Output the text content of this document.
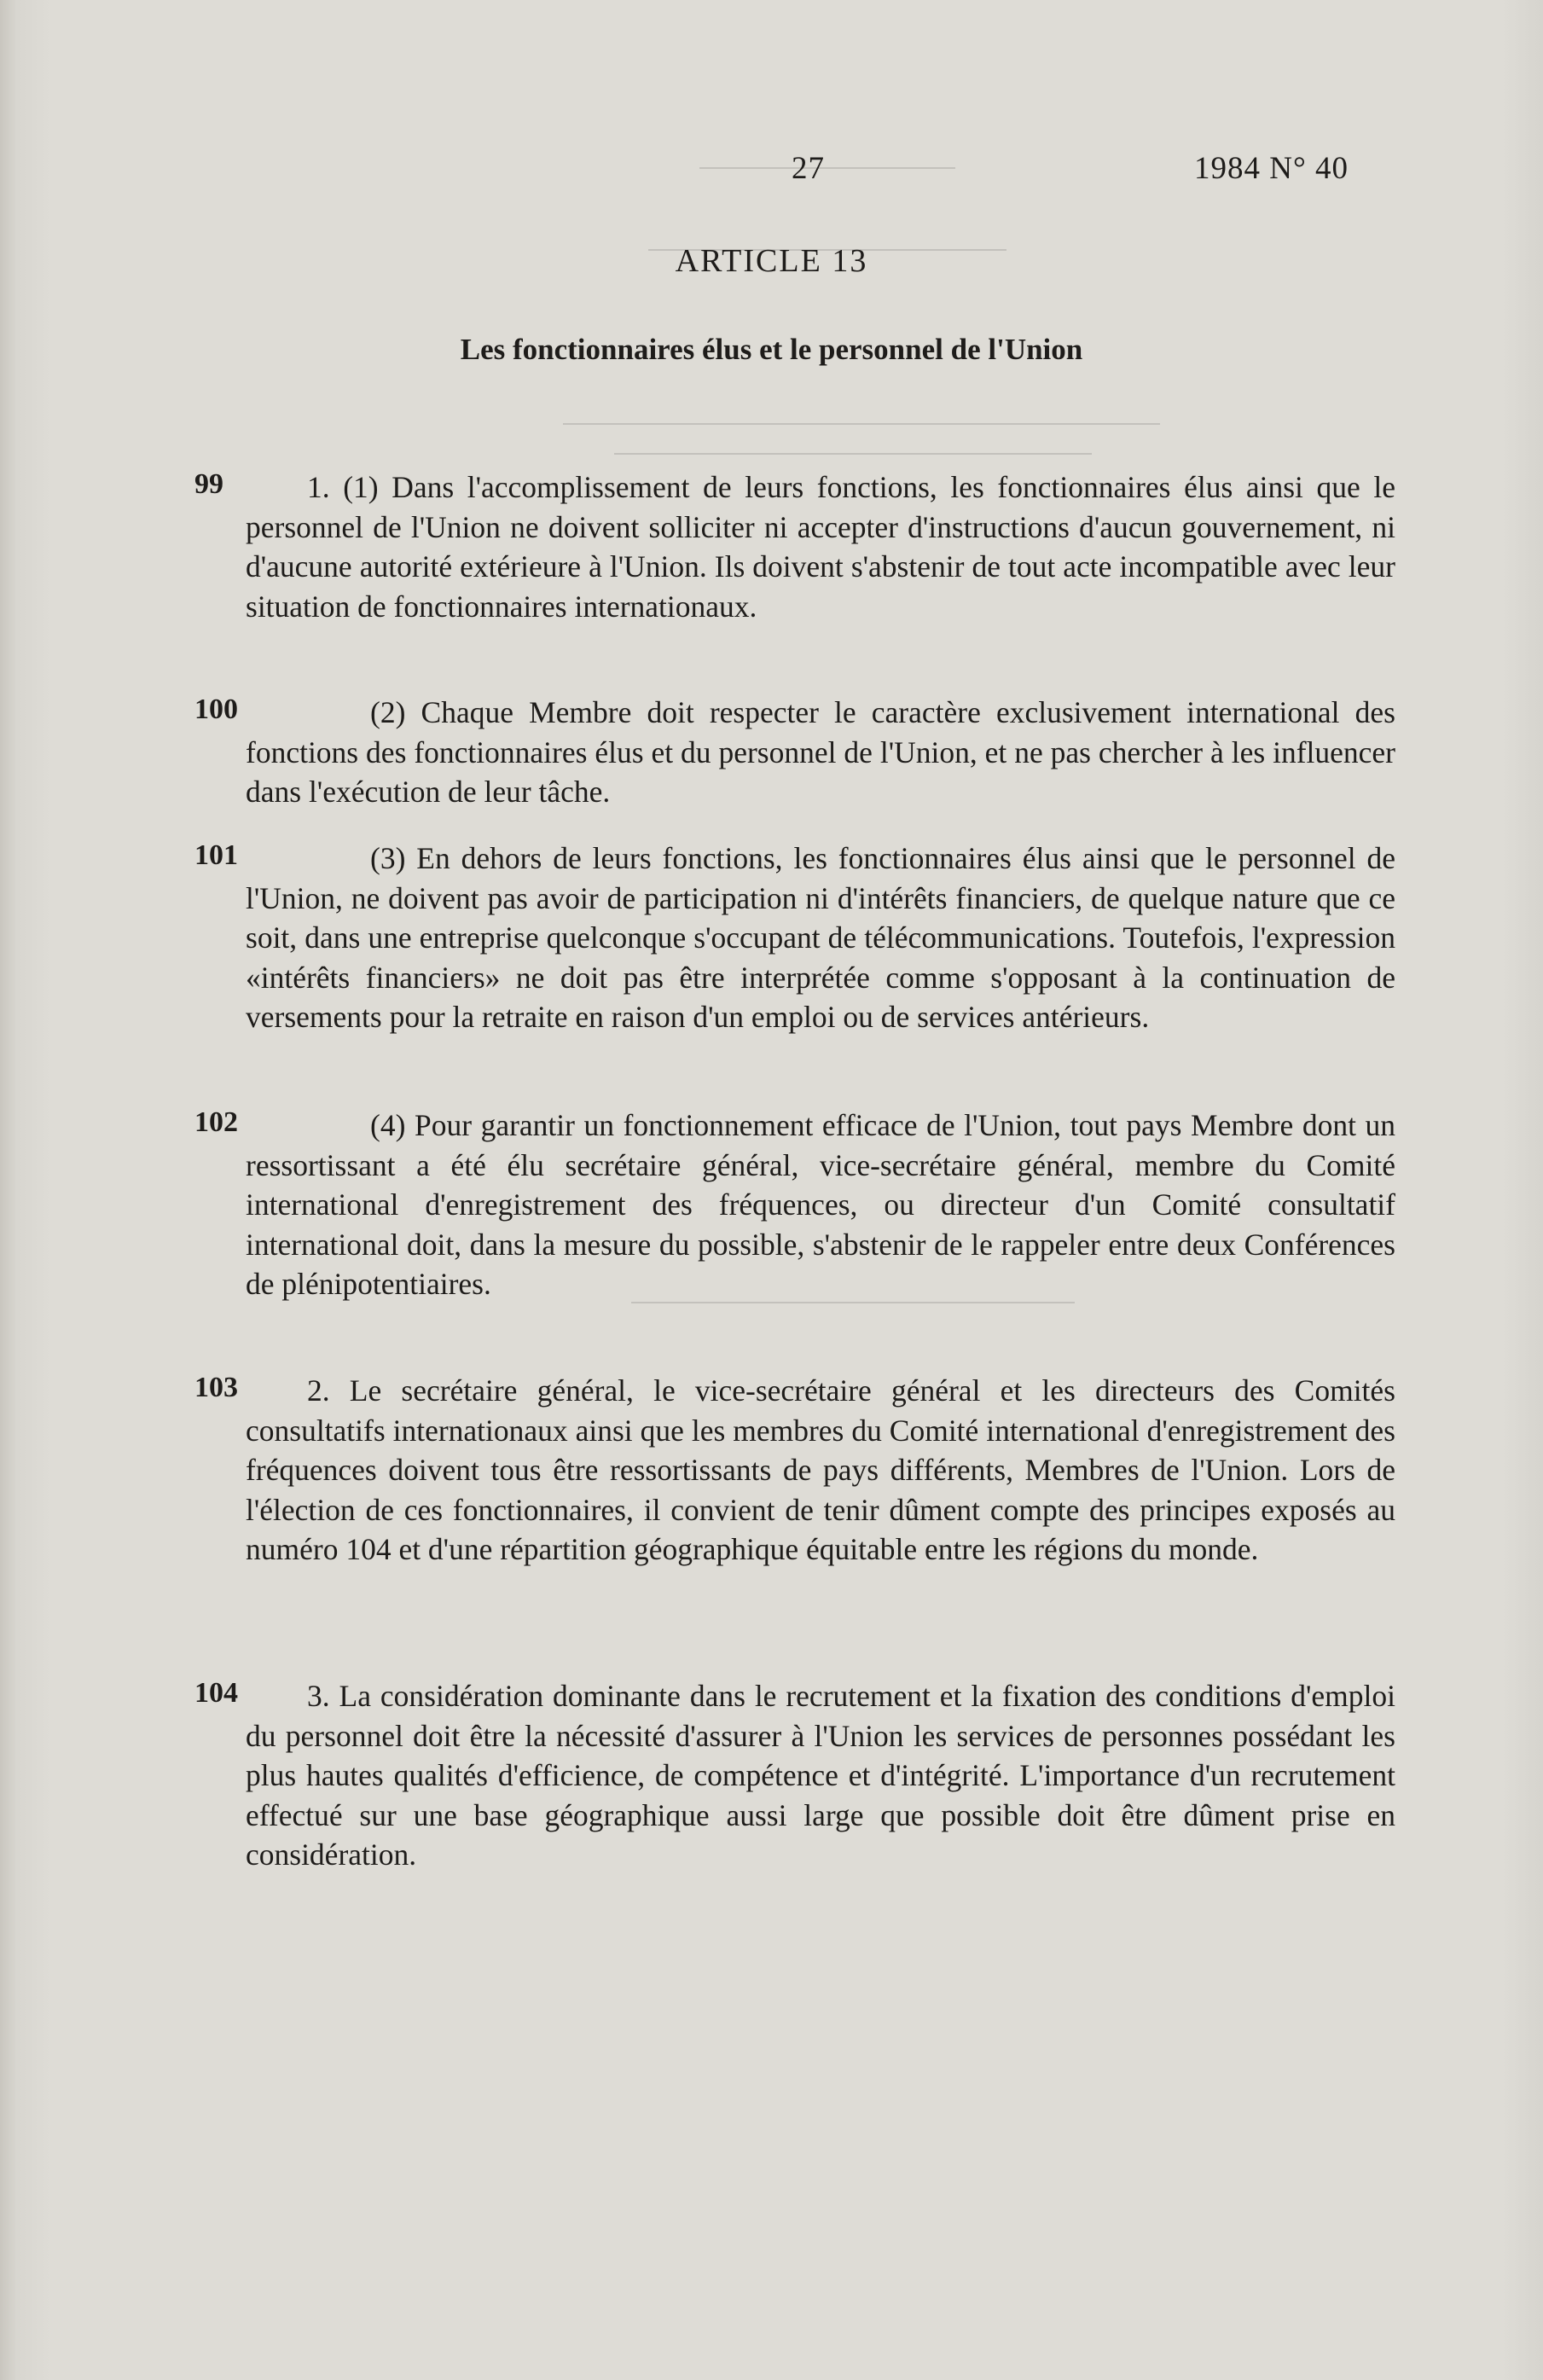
27	1984 N° 40
ARTICLE 13
Les fonctionnaires élus et le personnel de l'Union
99	1. (1) Dans l'accomplissement de leurs fonctions, les fonctionnaires élus ainsi que le personnel de l'Union ne doivent solliciter ni accepter d'instructions d'aucun gouvernement, ni d'aucune autorité extérieure à l'Union. Ils doivent s'abstenir de tout acte incompatible avec leur situation de fonctionnaires internationaux.
100	(2) Chaque Membre doit respecter le caractère exclusivement international des fonctions des fonctionnaires élus et du personnel de l'Union, et ne pas chercher à les influencer dans l'exécution de leur tâche.
101	(3) En dehors de leurs fonctions, les fonctionnaires élus ainsi que le personnel de l'Union, ne doivent pas avoir de participation ni d'intérêts financiers, de quelque nature que ce soit, dans une entreprise quelconque s'occupant de télécommunications. Toutefois, l'expression «intérêts financiers» ne doit pas être interprétée comme s'opposant à la continuation de versements pour la retraite en raison d'un emploi ou de services antérieurs.
102	(4) Pour garantir un fonctionnement efficace de l'Union, tout pays Membre dont un ressortissant a été élu secrétaire général, vice-secrétaire général, membre du Comité international d'enregistrement des fréquences, ou directeur d'un Comité consultatif international doit, dans la mesure du possible, s'abstenir de le rappeler entre deux Conférences de plénipotentiaires.
103	2. Le secrétaire général, le vice-secrétaire général et les directeurs des Comités consultatifs internationaux ainsi que les membres du Comité international d'enregistrement des fréquences doivent tous être ressortissants de pays différents, Membres de l'Union. Lors de l'élection de ces fonctionnaires, il convient de tenir dûment compte des principes exposés au numéro 104 et d'une répartition géographique équitable entre les régions du monde.
104	3. La considération dominante dans le recrutement et la fixation des conditions d'emploi du personnel doit être la nécessité d'assurer à l'Union les services de personnes possédant les plus hautes qualités d'efficience, de compétence et d'intégrité. L'importance d'un recrutement effectué sur une base géographique aussi large que possible doit être dûment prise en considération.
